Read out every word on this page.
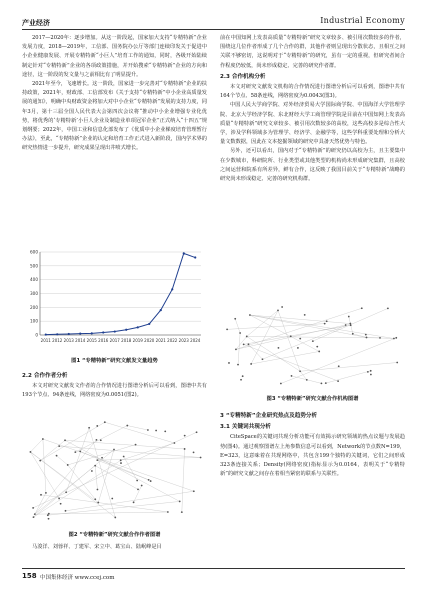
产业经济	Industrial Economy

2017—2020年：逐步增加。从这一阶段起，国家加大支持“专精特新”企业发展力度，2018—2019年，工信部、国务院办公厅等部门连续印发关于促进中小企业健康发展、开展专精特新“小巨人”培育工作的通知，同时，各级开始陆续制定针对“专精特新”企业的各项政策措施，并开始搜索“专精特新”企业的方向和途径，这一阶段的发文量与之前相比有了明显提升。

2021年至今，飞速增长。这一阶段，国家进一步完善对“专精特新”企业的扶持政策，2021年，财政部、工信部发布《关于支持“专精特新”中小企业高质量发展的通知》，明确中央财政资金将加大对中小企业“专精特新”发展的支持力度，同年3月，第十三届全国人民代表大会第四次会议将“推动中小企业增强专业化优势，将优秀的‘专精特新’小巨人企业及制造业单项冠军企业”正式纳入“十四五”规划纲要；2022年，中国工业和信息化部发布了《优质中小企业梯度培育管理暂行办法》，至此，“专精特新”企业的认定和培育工作正式进入新阶段，国内学术界的研究热情进一步提升，研究成果呈现出井喷式增长。

0
100
200
300
400
500
600
2011 2012 2013 2014 2015 2016 2017 2018 2019 2020 2021 2022 2023 2024
图1 “专精特新”研究文献发文量趋势
2.2 合作作者分析

本文对研究文献发文作者的合作情况进行图谱分析后可以看到，图谱中共有193个节点、94条连线，网络密度为0.0051(图2)。

图2 “专精特新”研究文献合作作者图谱

马浚洋、刘蓉祥、丁建军、宋立中、葛宝山、陆岷峰是目

前在中国知网上发表高质量“专精特新”研究文章较多、被引用次数较多的作者，围绕这几位作者形成了几个合作的群，其他作者则呈现出分散状态，且相互之间关联不够密切，这说明对于“专精特新”的研究，虽有一定的重视，但研究者间合作程度仍较低，尚未形成稳定、完善的研究作者群。

2.3 合作机构分析

本文对研究文献发文机构的合作情况进行图谱分析后可以看到，图谱中共有164个节点、58条连线，网络密度为0.0043(图3)。

中国人民大学商学院、对外经济贸易大学国际商学院、中国海洋大学管理学院、北京大学经济学院、东北财经大学工商管理学院是目前在中国知网上发表高质量“专精特新”研究文章较多、被引用次数较多的高校，这些高校多是综合性大学，涉及学科领域多为管理学、经济学、金融学等，这些学科重要处理和分析大量文数数据，因此在文本挖掘领域的研究中具备天然优势与特色。

另外，还可以看出，国内对于“专精特新”的研究仍以高校为主，且主要集中在少数城市，科研院所、行业类型或其他类型的机构尚未形成研究集群，且高校之间运营和院系有所差异，鲜有合作，这反映了我国目前关于“专精特新”战略的研究尚未形成稳定、完善的研究机构群。

图3 “专精特新”研究文献合作机构图谱
3 “专精特新”企业研究热点及趋势分析
3.1 关键词共现分析

CiteSpace的关键词共现分析功能可有效揭示研究领域的热点议题与发展趋势(图4)。通过观察图谱左上角参数信息可以看到，Network的节点数N=199，E=323，这意味着在共现网络中，共包含199个独特的关键词，它们之间形成323条连接关系；Density(网络密度)指标显示为0.0164，表明关于“专精特新”的研究文献之间存在着相当紧密的联系与关联性。

158 中国集体经济 www.ccej.com
